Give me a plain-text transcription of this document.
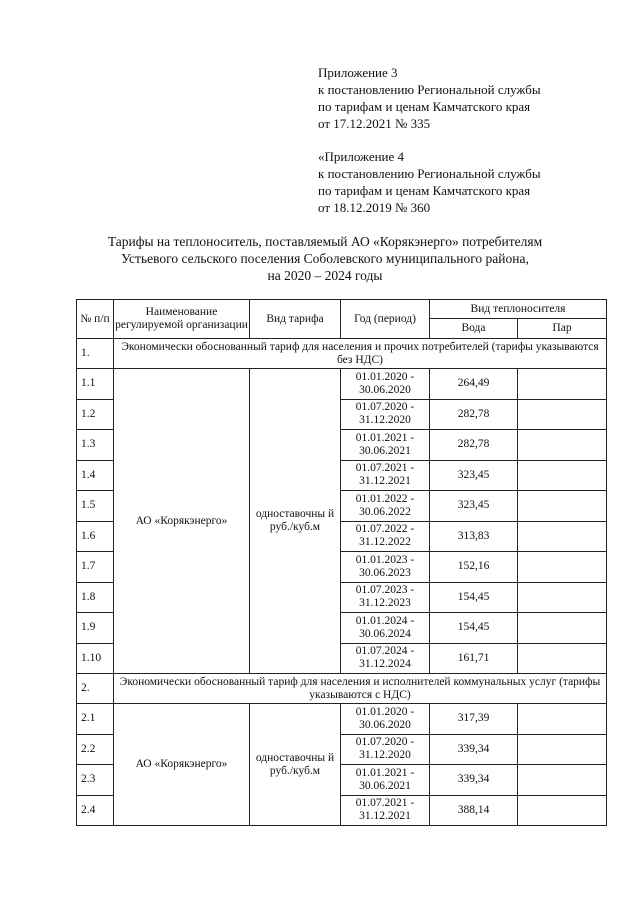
Приложение 3
к постановлению Региональной службы
по тарифам и ценам Камчатского края
от 17.12.2021 № 335
«Приложение 4
к постановлению Региональной службы
по тарифам и ценам Камчатского края
от 18.12.2019 № 360
Тарифы на теплоноситель, поставляемый АО «Корякэнерго» потребителям
Устьевого сельского поселения Соболевского муниципального района,
на 2020 – 2024 годы
№ п/п	Наименование регулируемой организации	Вид тарифа	Год (период)	Вид теплоносителя	
				Вода	Пар
1.	Экономически обоснованный тариф для населения и прочих потребителей (тарифы указываются без НДС)				
1.1	АО «Корякэнерго»	одноставочны й руб./куб.м	01.01.2020 - 30.06.2020	264,49	
1.2			01.07.2020 - 31.12.2020	282,78	
1.3			01.01.2021 - 30.06.2021	282,78	
1.4			01.07.2021 - 31.12.2021	323,45	
1.5			01.01.2022 - 30.06.2022	323,45	
1.6			01.07.2022 - 31.12.2022	313,83	
1.7			01.01.2023 - 30.06.2023	152,16	
1.8			01.07.2023 - 31.12.2023	154,45	
1.9			01.01.2024 - 30.06.2024	154,45	
1.10			01.07.2024 - 31.12.2024	161,71	
2.	Экономически обоснованный тариф для населения и исполнителей коммунальных услуг (тарифы указываются с НДС)				
2.1	АО «Корякэнерго»	одноставочны й руб./куб.м	01.01.2020 - 30.06.2020	317,39	
2.2			01.07.2020 - 31.12.2020	339,34	
2.3			01.01.2021 - 30.06.2021	339,34	
2.4			01.07.2021 - 31.12.2021	388,14	
